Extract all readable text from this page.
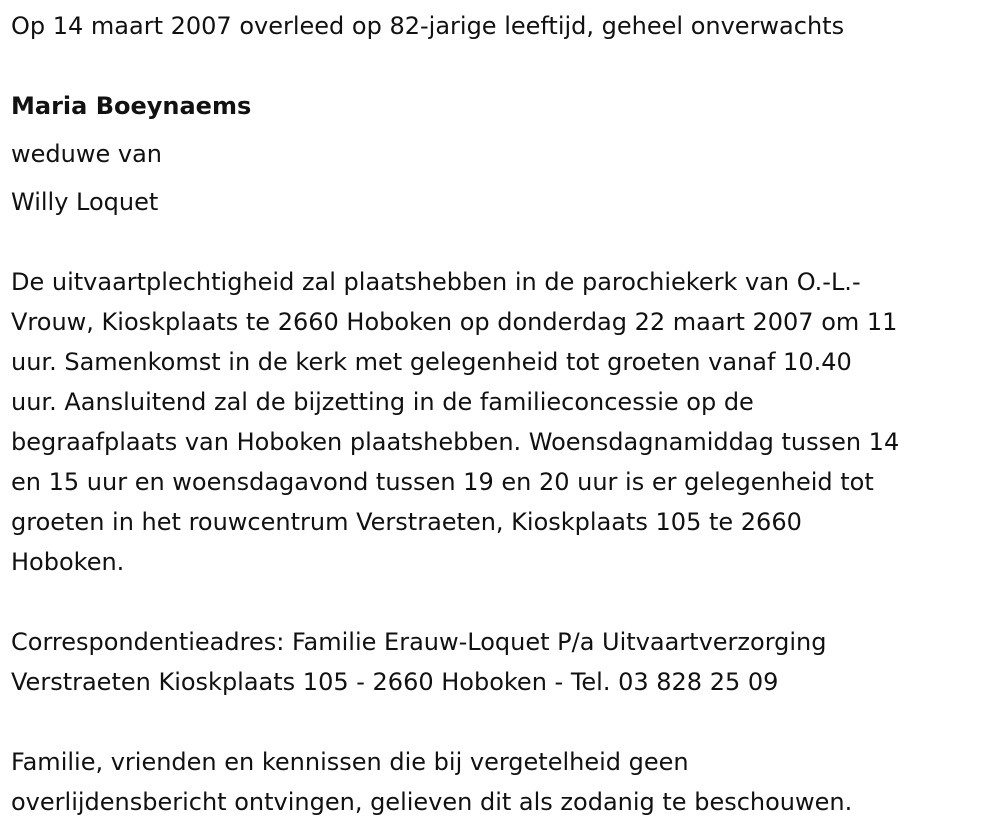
Op 14 maart 2007 overleed op 82-jarige leeftijd, geheel onverwachts

Maria Boeynaems

weduwe van

Willy Loquet

De uitvaartplechtigheid zal plaatshebben in de parochiekerk van O.-L.-

Vrouw, Kioskplaats te 2660 Hoboken op donderdag 22 maart 2007 om 11

uur. Samenkomst in de kerk met gelegenheid tot groeten vanaf 10.40

uur. Aansluitend zal de bijzetting in de familieconcessie op de

begraafplaats van Hoboken plaatshebben. Woensdagnamiddag tussen 14

en 15 uur en woensdagavond tussen 19 en 20 uur is er gelegenheid tot

groeten in het rouwcentrum Verstraeten, Kioskplaats 105 te 2660

Hoboken.

Correspondentieadres: Familie Erauw-Loquet P/a Uitvaartverzorging

Verstraeten Kioskplaats 105 - 2660 Hoboken - Tel. 03 828 25 09

Familie, vrienden en kennissen die bij vergetelheid geen

overlijdensbericht ontvingen, gelieven dit als zodanig te beschouwen.
